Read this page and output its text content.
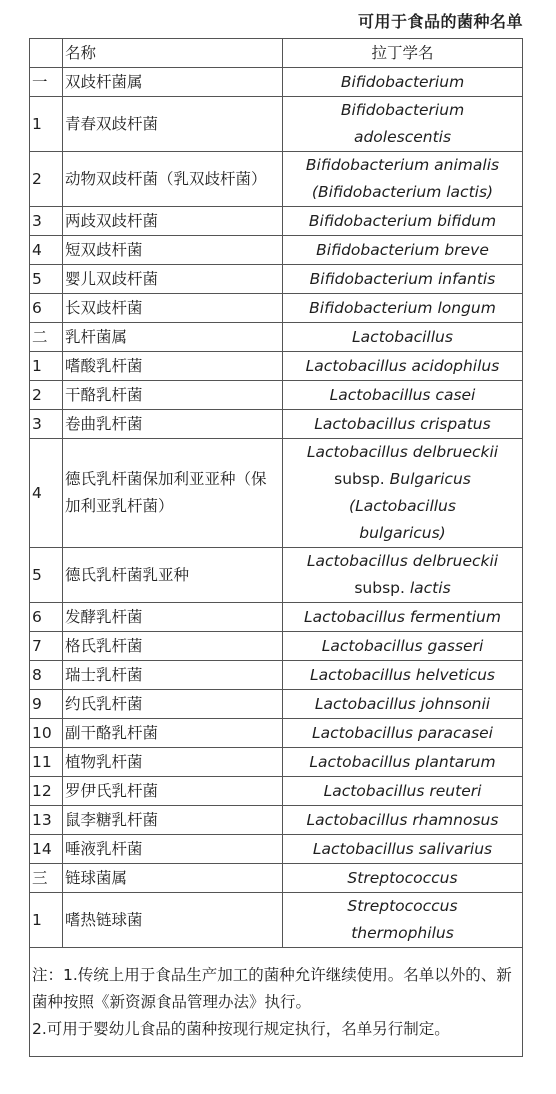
可用于食品的菌种名单
	名称	拉丁学名
一	双歧杆菌属	Bifidobacterium
1	青春双歧杆菌	Bifidobacterium
adolescentis
2	动物双歧杆菌（乳双歧杆菌）	Bifidobacterium animalis
(Bifidobacterium lactis)
3	两歧双歧杆菌	Bifidobacterium bifidum
4	短双歧杆菌	Bifidobacterium breve
5	婴儿双歧杆菌	Bifidobacterium infantis
6	长双歧杆菌	Bifidobacterium longum
二	乳杆菌属	Lactobacillus
1	嗜酸乳杆菌	Lactobacillus acidophilus
2	干酪乳杆菌	Lactobacillus casei
3	卷曲乳杆菌	Lactobacillus crispatus
4	德氏乳杆菌保加利亚亚种（保加利亚乳杆菌）	Lactobacillus delbrueckii
subsp. Bulgaricus
(Lactobacillus
bulgaricus)
5	德氏乳杆菌乳亚种	Lactobacillus delbrueckii
subsp. lactis
6	发酵乳杆菌	Lactobacillus fermentium
7	格氏乳杆菌	Lactobacillus gasseri
8	瑞士乳杆菌	Lactobacillus helveticus
9	约氏乳杆菌	Lactobacillus johnsonii
10	副干酪乳杆菌	Lactobacillus paracasei
11	植物乳杆菌	Lactobacillus plantarum
12	罗伊氏乳杆菌	Lactobacillus reuteri
13	鼠李糖乳杆菌	Lactobacillus rhamnosus
14	唾液乳杆菌	Lactobacillus salivarius
三	链球菌属	Streptococcus
1	嗜热链球菌	Streptococcus
thermophilus

注：1.传统上用于食品生产加工的菌种允许继续使用。名单以外的、新菌种按照《新资源食品管理办法》执行。
2.可用于婴幼儿食品的菌种按现行规定执行，名单另行制定。		
